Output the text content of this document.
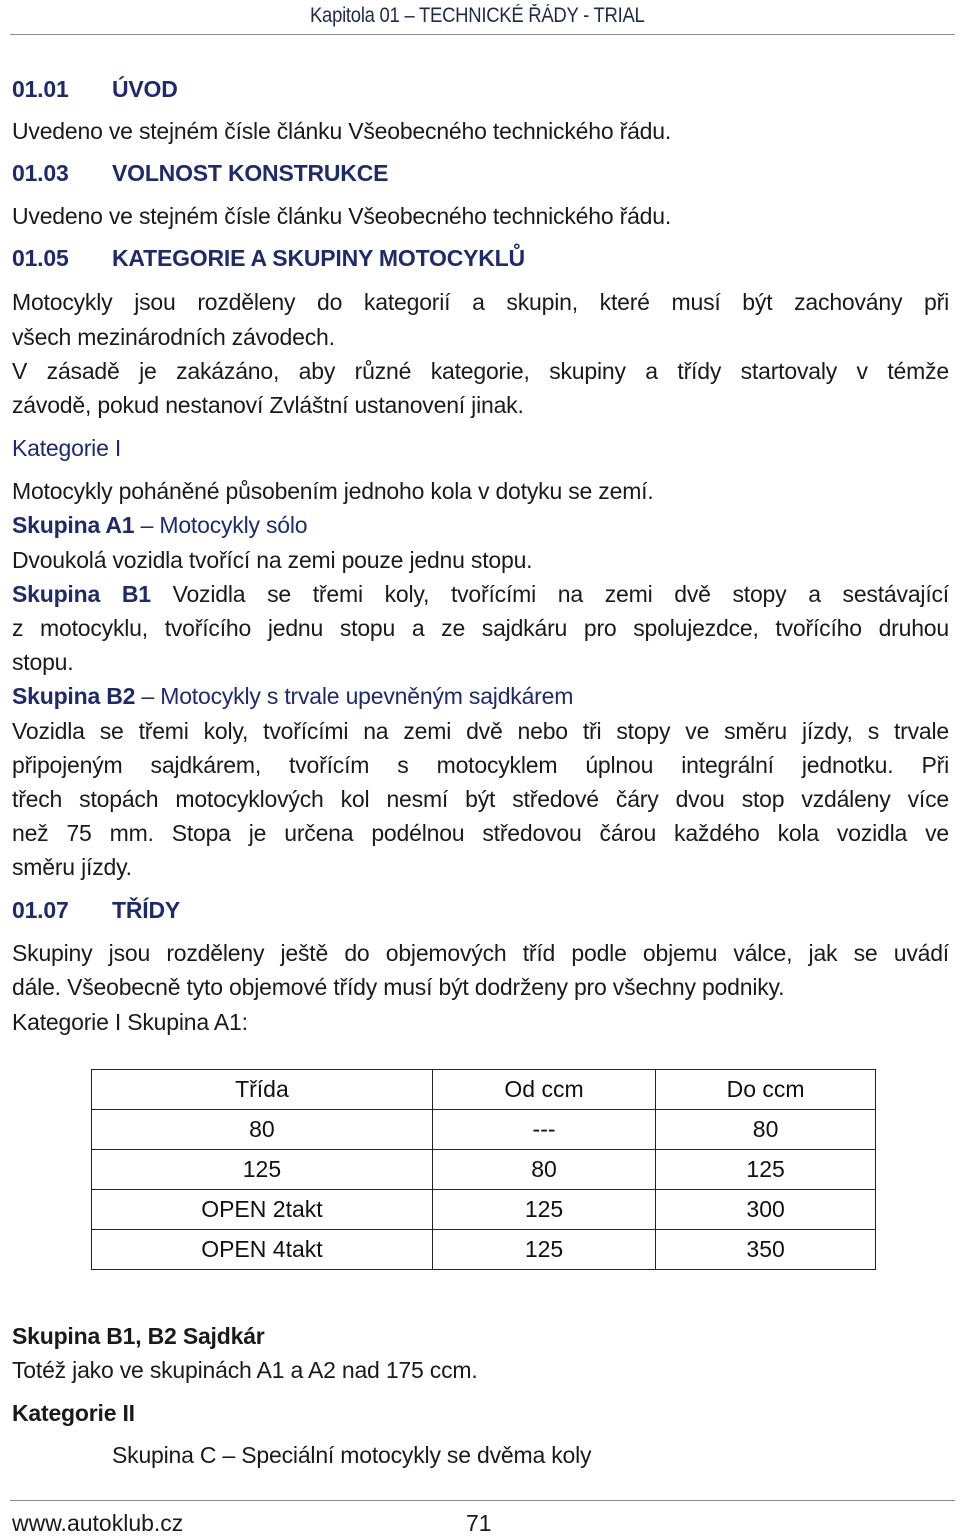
Kapitola 01 – TECHNICKÉ ŘÁDY - TRIAL
01.01 ÚVOD
Uvedeno ve stejném čísle článku Všeobecného technického řádu.
01.03 VOLNOST KONSTRUKCE
Uvedeno ve stejném čísle článku Všeobecného technického řádu.
01.05 KATEGORIE A SKUPINY MOTOCYKLŮ
Motocykly jsou rozděleny do kategorií a skupin, které musí být zachovány při
všech mezinárodních závodech.
V zásadě je zakázáno, aby různé kategorie, skupiny a třídy startovaly v témže
závodě, pokud nestanoví Zvláštní ustanovení jinak.
Kategorie I
Motocykly poháněné působením jednoho kola v dotyku se zemí.
Skupina A1 – Motocykly sólo
Dvoukolá vozidla tvořící na zemi pouze jednu stopu.
Skupina B1 Vozidla se třemi koly, tvořícími na zemi dvě stopy a sestávající
z motocyklu, tvořícího jednu stopu a ze sajdkáru pro spolujezdce, tvořícího druhou
stopu.
Skupina B2 – Motocykly s trvale upevněným sajdkárem
Vozidla se třemi koly, tvořícími na zemi dvě nebo tři stopy ve směru jízdy, s trvale
připojeným sajdkárem, tvořícím s motocyklem úplnou integrální jednotku. Při
třech stopách motocyklových kol nesmí být středové čáry dvou stop vzdáleny více
než 75 mm. Stopa je určena podélnou středovou čárou každého kola vozidla ve
směru jízdy.
01.07 TŘÍDY
Skupiny jsou rozděleny ještě do objemových tříd podle objemu válce, jak se uvádí
dále. Všeobecně tyto objemové třídy musí být dodrženy pro všechny podniky.
Kategorie I Skupina A1:
Třída	Od ccm	Do ccm
80	---	80
125	80	125
OPEN 2takt	125	300
OPEN 4takt	125	350
Skupina B1, B2 Sajdkár
Totéž jako ve skupinách A1 a A2 nad 175 ccm.
Kategorie II
Skupina C – Speciální motocykly se dvěma koly
www.autoklub.cz	71
